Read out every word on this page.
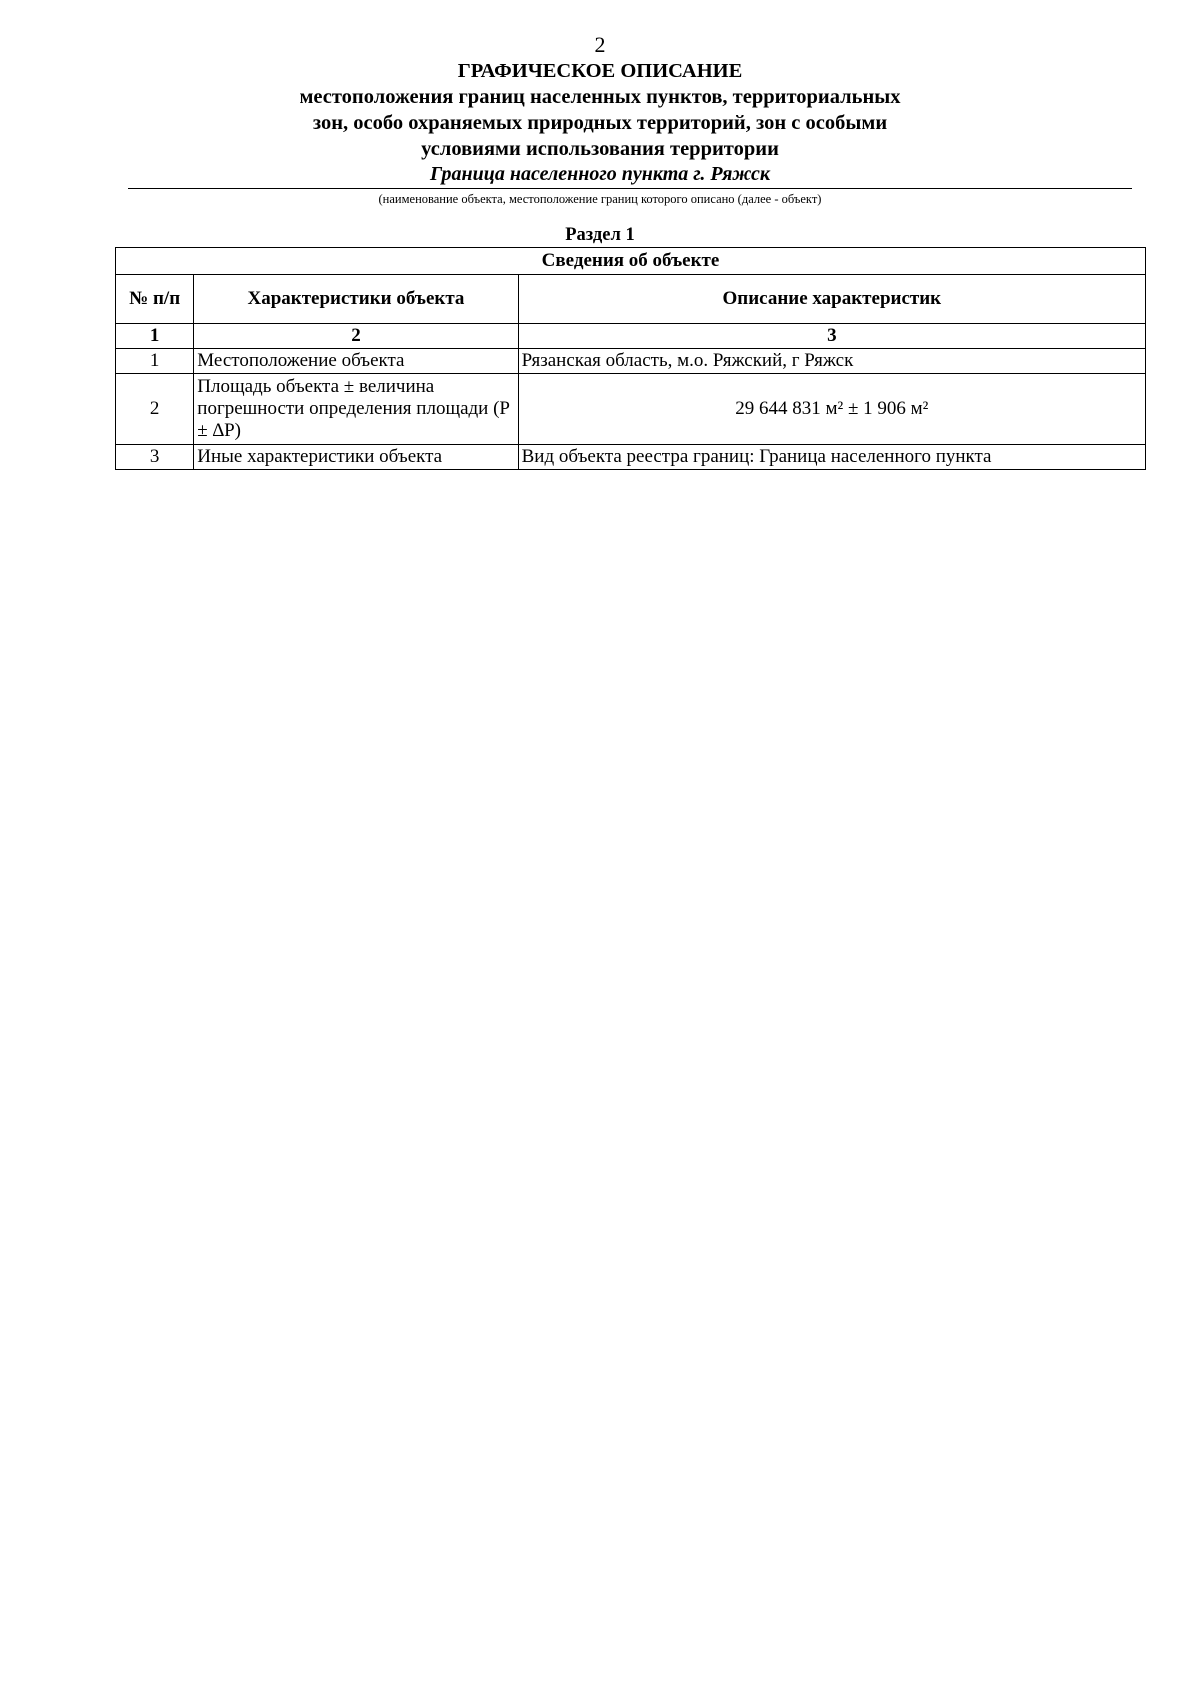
2
ГРАФИЧЕСКОЕ ОПИСАНИЕ
местоположения границ населенных пунктов, территориальных
зон, особо охраняемых природных территорий, зон с особыми
условиями использования территории
Граница населенного пункта г. Ряжск
(наименование объекта, местоположение границ которого описано (далее - объект)
Раздел 1
Сведения об объекте		
№ п/п	Характеристики объекта	Описание характеристик
1	2	3
1	Местоположение объекта	Рязанская область, м.о. Ряжский, г Ряжск
2	Площадь объекта ± величина погрешности определения площади (P ± ∆P)	29 644 831 м² ± 1 906 м²
3	Иные характеристики объекта	Вид объекта реестра границ: Граница населенного пункта
